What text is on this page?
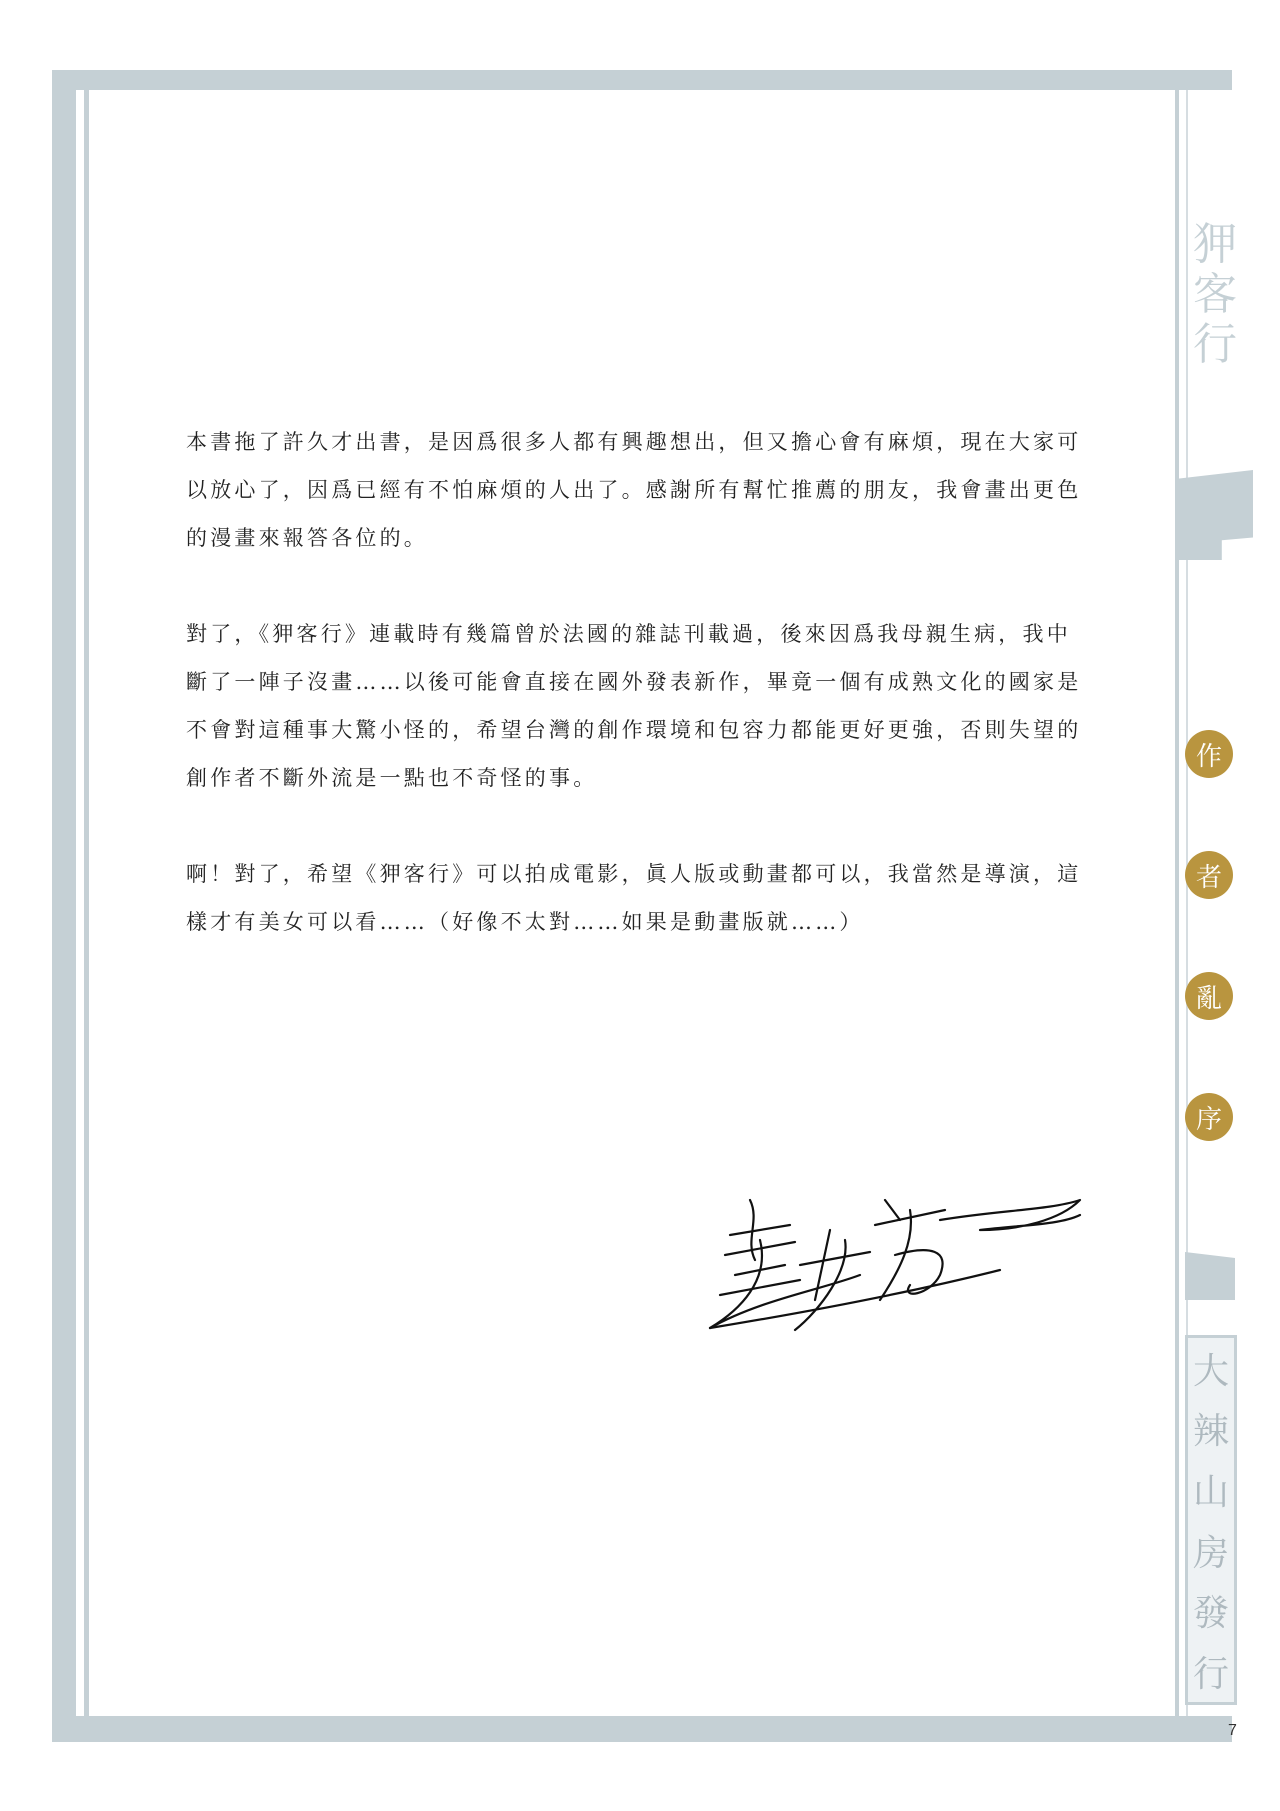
狎
客
行
作
者
亂
序
大
辣
山
房
發
行

本書拖了許久才出書，是因爲很多人都有興趣想出，但又擔心會有麻煩，現在大家可
以放心了，因爲已經有不怕麻煩的人出了。感謝所有幫忙推薦的朋友，我會畫出更色
的漫畫來報答各位的。

對了，《狎客行》連載時有幾篇曾於法國的雜誌刊載過，後來因爲我母親生病，我中
斷了一陣子沒畫……以後可能會直接在國外發表新作，畢竟一個有成熟文化的國家是
不會對這種事大驚小怪的，希望台灣的創作環境和包容力都能更好更強，否則失望的
創作者不斷外流是一點也不奇怪的事。

啊！對了，希望《狎客行》可以拍成電影，眞人版或動畫都可以，我當然是導演，這
樣才有美女可以看……（好像不太對……如果是動畫版就……）

7
